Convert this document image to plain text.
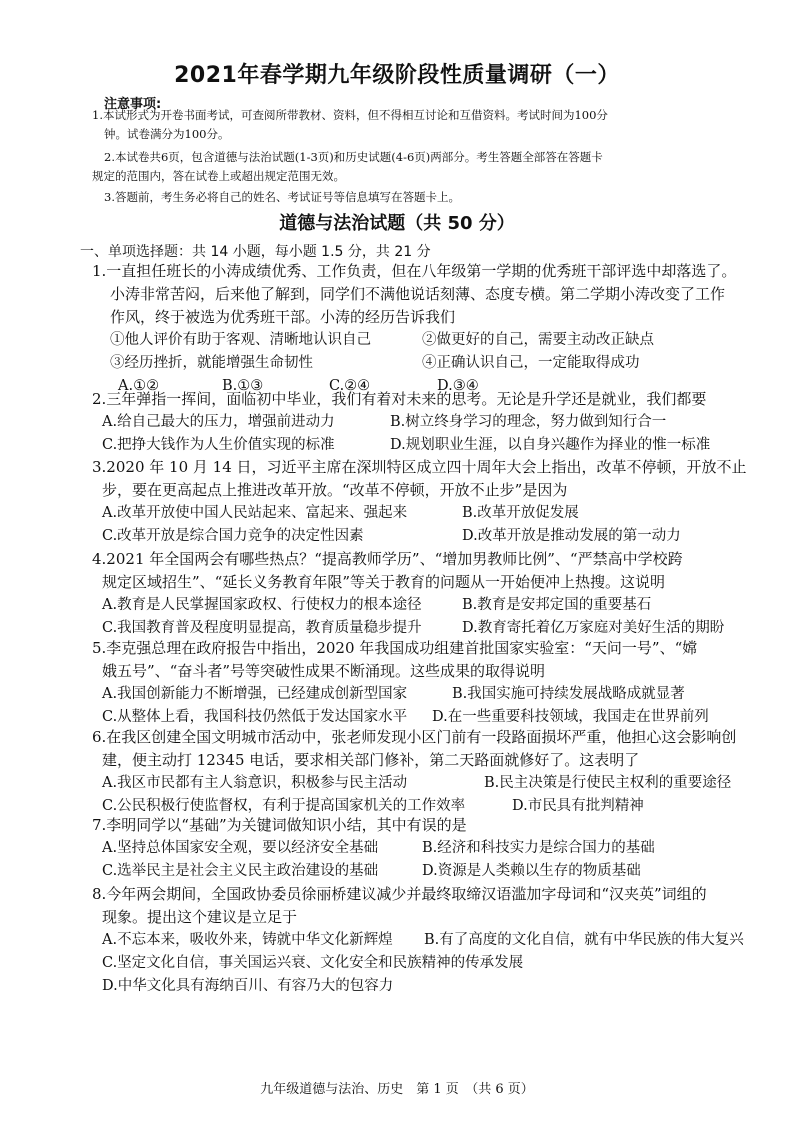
2021年春学期九年级阶段性质量调研（一）
注意事项:
1.本试形式为开卷书面考试，可查阅所带教材、资料，但不得相互讨论和互借资料。考试时间为100分
钟。试卷满分为100分。
2.本试卷共6页，包含道德与法治试题(1-3页)和历史试题(4-6页)两部分。考生答题全部答在答题卡
规定的范围内，答在试卷上或超出规定范围无效。
3.答题前，考生务必将自己的姓名、考试证号等信息填写在答题卡上。
道德与法治试题（共 50 分）
一、单项选择题：共 14 小题，每小题 1.5 分，共 21 分

1.一直担任班长的小涛成绩优秀、工作负责，但在八年级第一学期的优秀班干部评选中却落选了。

小涛非常苦闷，后来他了解到，同学们不满他说话刻薄、态度专横。第二学期小涛改变了工作

作风，终于被选为优秀班干部。小涛的经历告诉我们

①他人评价有助于客观、清晰地认识自己	②做更好的自己，需要主动改正缺点
③经历挫折，就能增强生命韧性	④正确认识自己，一定能取得成功
A.①②	B.①③	C.②④	D.③④

2.三年弹指一挥间，面临初中毕业，我们有着对未来的思考。无论是升学还是就业，我们都要

A.给自己最大的压力，增强前进动力	B.树立终身学习的理念，努力做到知行合一
C.把挣大钱作为人生价值实现的标准	D.规划职业生涯，以自身兴趣作为择业的惟一标准

3.2020 年 10 月 14 日，习近平主席在深圳特区成立四十周年大会上指出，改革不停顿，开放不止

步，要在更高起点上推进改革开放。“改革不停顿，开放不止步”是因为

A.改革开放使中国人民站起来、富起来、强起来	B.改革开放促发展
C.改革开放是综合国力竞争的决定性因素	D.改革开放是推动发展的第一动力

4.2021 年全国两会有哪些热点？“提高教师学历”、“增加男教师比例”、“严禁高中学校跨

规定区域招生”、“延长义务教育年限”等关于教育的问题从一开始便冲上热搜。这说明

A.教育是人民掌握国家政权、行使权力的根本途径	B.教育是安邦定国的重要基石
C.我国教育普及程度明显提高，教育质量稳步提升	D.教育寄托着亿万家庭对美好生活的期盼

5.李克强总理在政府报告中指出，2020 年我国成功组建首批国家实验室：“天问一号”、“嫦

娥五号”、“奋斗者”号等突破性成果不断涌现。这些成果的取得说明

A.我国创新能力不断增强，已经建成创新型国家	B.我国实施可持续发展战略成就显著
C.从整体上看，我国科技仍然低于发达国家水平 D.在一些重要科技领域，我国走在世界前列

6.在我区创建全国文明城市活动中，张老师发现小区门前有一段路面损坏严重，他担心这会影响创

建，便主动打 12345 电话，要求相关部门修补，第二天路面就修好了。这表明了

A.我区市民都有主人翁意识，积极参与民主活动	B.民主决策是行使民主权利的重要途径
C.公民积极行使监督权，有利于提高国家机关的工作效率	D.市民具有批判精神

7.李明同学以“基础”为关键词做知识小结，其中有误的是

A.坚持总体国家安全观，要以经济安全基础	B.经济和科技实力是综合国力的基础
C.选举民主是社会主义民主政治建设的基础	D.资源是人类赖以生存的物质基础

8.今年两会期间，全国政协委员徐丽桥建议减少并最终取缔汉语滥加字母词和“汉夹英”词组的

现象。提出这个建议是立足于

A.不忘本来，吸收外来，铸就中华文化新辉煌 B.有了高度的文化自信，就有中华民族的伟大复兴

C.坚定文化自信，事关国运兴衰、文化安全和民族精神的传承发展

D.中华文化具有海纳百川、有容乃大的包容力

九年级道德与法治、历史　第 1 页　（共 6 页）
